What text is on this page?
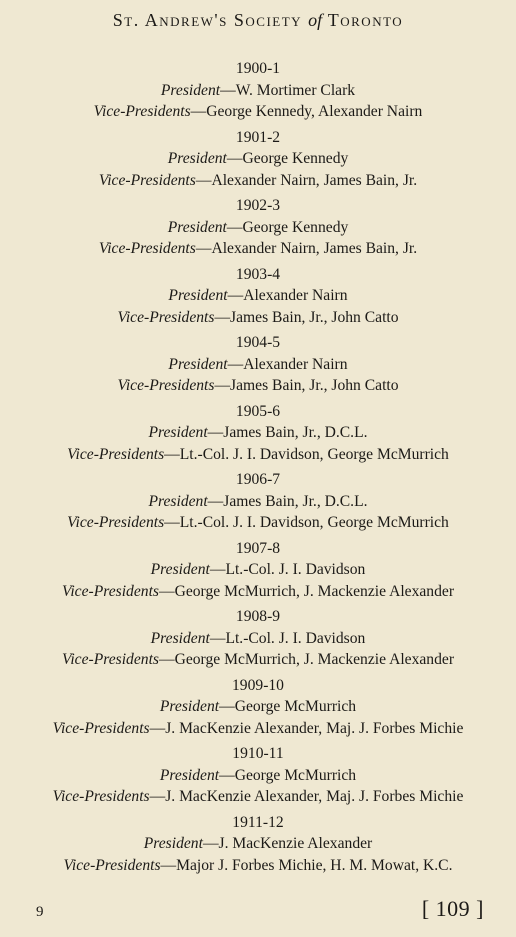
St. Andrew's Society of Toronto
1900-1
President—W. Mortimer Clark
Vice-Presidents—George Kennedy, Alexander Nairn
1901-2
President—George Kennedy
Vice-Presidents—Alexander Nairn, James Bain, Jr.
1902-3
President—George Kennedy
Vice-Presidents—Alexander Nairn, James Bain, Jr.
1903-4
President—Alexander Nairn
Vice-Presidents—James Bain, Jr., John Catto
1904-5
President—Alexander Nairn
Vice-Presidents—James Bain, Jr., John Catto
1905-6
President—James Bain, Jr., D.C.L.
Vice-Presidents—Lt.-Col. J. I. Davidson, George McMurrich
1906-7
President—James Bain, Jr., D.C.L.
Vice-Presidents—Lt.-Col. J. I. Davidson, George McMurrich
1907-8
President—Lt.-Col. J. I. Davidson
Vice-Presidents—George McMurrich, J. Mackenzie Alexander
1908-9
President—Lt.-Col. J. I. Davidson
Vice-Presidents—George McMurrich, J. Mackenzie Alexander
1909-10
President—George McMurrich
Vice-Presidents—J. MacKenzie Alexander, Maj. J. Forbes Michie
1910-11
President—George McMurrich
Vice-Presidents—J. MacKenzie Alexander, Maj. J. Forbes Michie
1911-12
President—J. MacKenzie Alexander
Vice-Presidents—Major J. Forbes Michie, H. M. Mowat, K.C.
9	[ 109 ]
